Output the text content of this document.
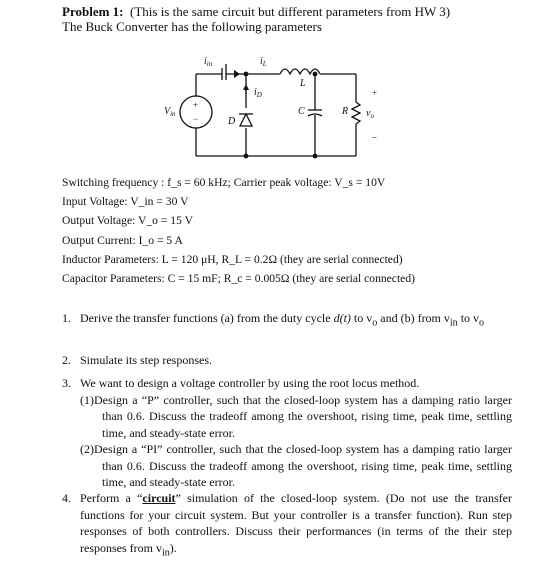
Problem 1: (This is the same circuit but different parameters from HW 3)
The Buck Converter has the following parameters
+
−
$i_{in}$	$i_L$
L
$i_D$
$V_{in}$
D
C	R
+
$v_o$
–
Switching frequency : f_s = 60 kHz; Carrier peak voltage: V_s = 10V
Input Voltage: V_in = 30 V
Output Voltage: V_o = 15 V
Output Current: I_o = 5 A
Inductor Parameters: L = 120 μH, R_L = 0.2Ω (they are serial connected)
Capacitor Parameters: C = 15 mF; R_c = 0.005Ω (they are serial connected)
1. Derive the transfer functions (a) from the duty cycle d(t) to $v_o$ and (b) from $v_{in}$ to $v_o$
2. Simulate its step responses.
3. We want to design a voltage controller by using the root locus method.
(1)Design a “P” controller, such that the closed-loop system has a damping ratio larger than 0.6. Discuss the tradeoff among the overshoot, rising time, peak time, settling time, and steady-state error.
(2)Design a “PI” controller, such that the closed-loop system has a damping ratio larger than 0.6. Discuss the tradeoff among the overshoot, rising time, peak time, settling time, and steady-state error.
4. Perform a “circuit” simulation of the closed-loop system. (Do not use the transfer functions for your circuit system. But your controller is a transfer function). Run step responses of both controllers. Discuss their performances (in terms of the their step responses from $v_{in}$).
